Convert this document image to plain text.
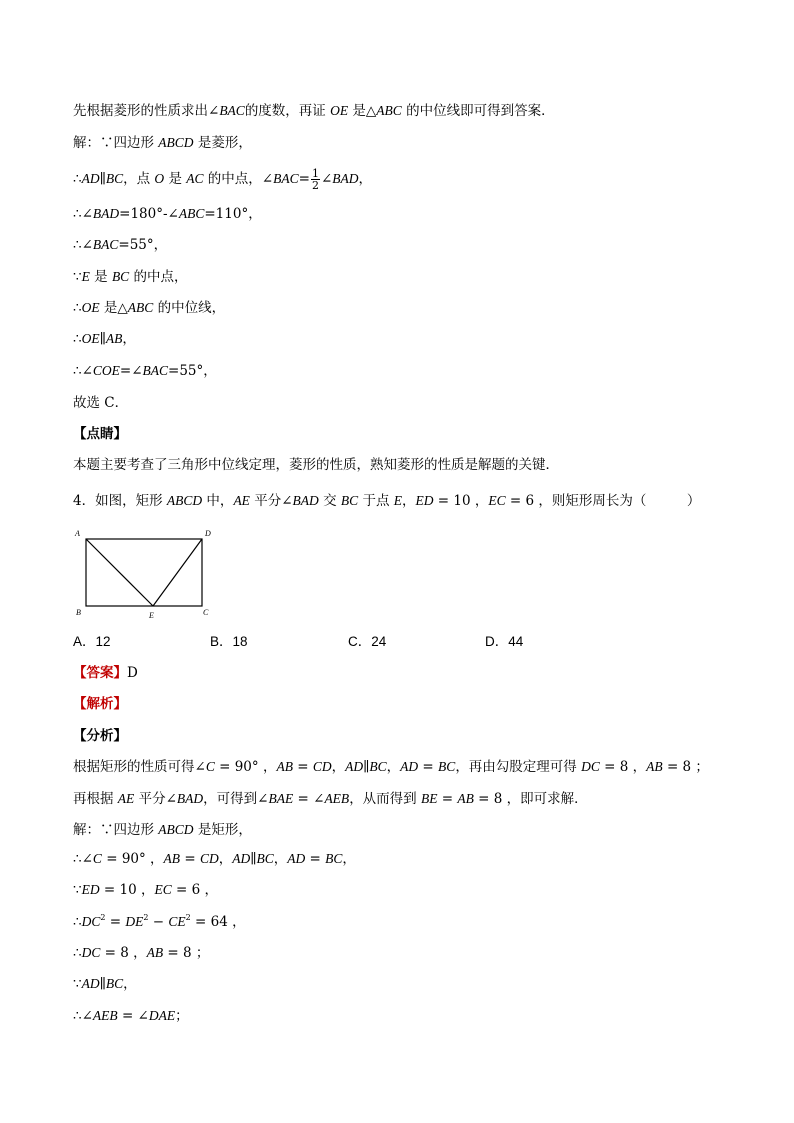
先根据菱形的性质求出∠BAC的度数，再证 OE 是△ABC 的中位线即可得到答案．
解：∵四边形 ABCD 是菱形，
∴AD∥BC，点 O 是 AC 的中点，∠BAC= $\frac{1}{2}$ ∠BAD，
∴∠BAD=180°-∠ABC=110°，
∴∠BAC=55°，
∵E 是 BC 的中点，
∴OE 是△ABC 的中位线，
∴OE∥AB，
∴∠COE=∠BAC=55°，
故选 C．
【点睛】
本题主要考查了三角形中位线定理，菱形的性质，熟知菱形的性质是解题的关键．
4．如图，矩形 ABCD 中，AE 平分∠BAD 交 BC 于点 E，ED = 10 ，EC = 6 ，则矩形周长为（　　　	）
A	D
B	C
E
A．12	B．18	C．24	D．44
【答案】D
【解析】
【分析】
根据矩形的性质可得∠C = 90° ，AB = CD，AD∥BC，AD = BC，再由勾股定理可得 DC = 8 ，AB = 8 ；
再根据 AE 平分∠BAD，可得到∠BAE = ∠AEB，从而得到 BE = AB = 8 ，即可求解．
解：∵四边形 ABCD 是矩形，
∴∠C = 90° ，AB = CD，AD∥BC，AD = BC，
∵ED = 10 ，EC = 6 ，
$\therefore DC^2 = DE^2 - CE^2 = 64$ ，
∴DC = 8 ，AB = 8 ；
∵AD∥BC，
∴∠AEB = ∠DAE；
